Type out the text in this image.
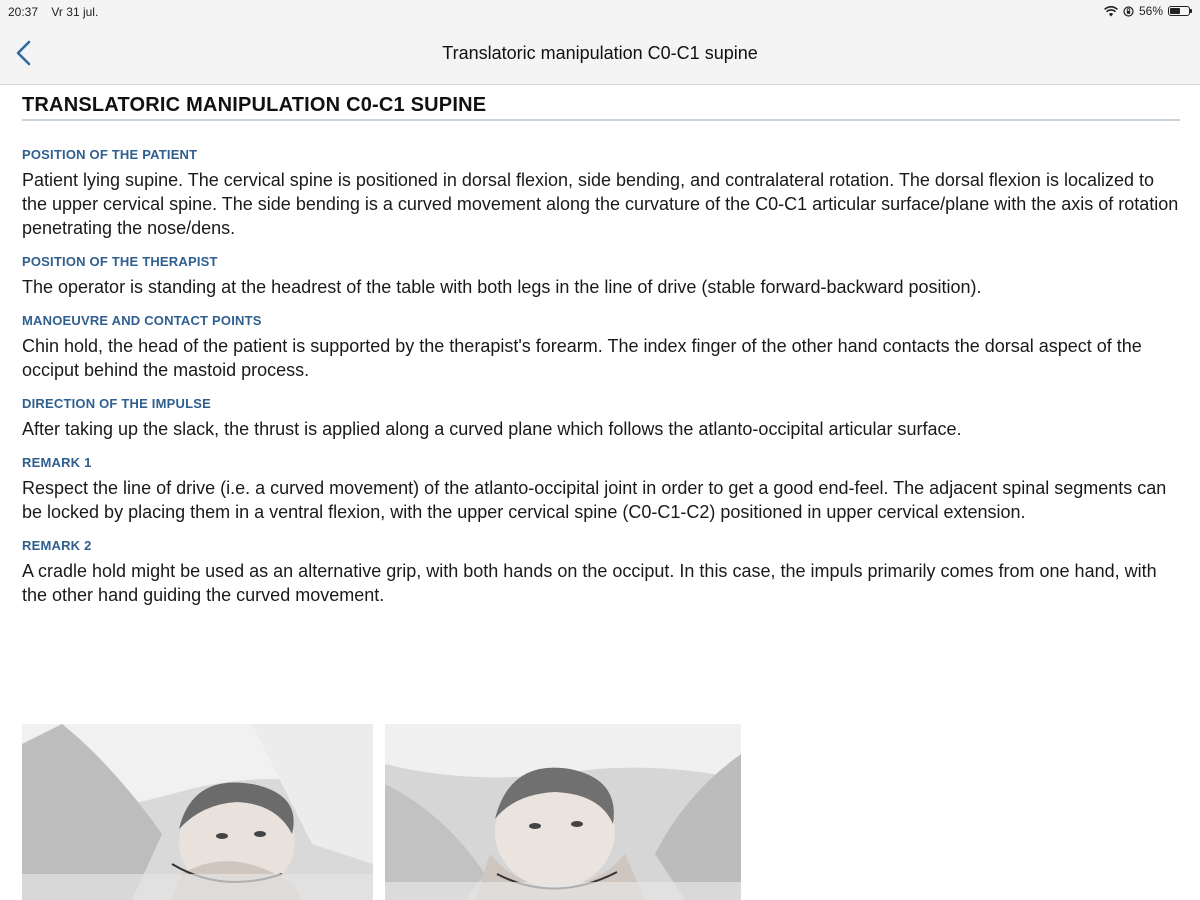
20:37 Vr 31 jul.	56%
Translatoric manipulation C0-C1 supine
TRANSLATORIC MANIPULATION C0-C1 SUPINE
POSITION OF THE PATIENT

Patient lying supine. The cervical spine is positioned in dorsal flexion, side bending, and contralateral rotation. The dorsal flexion is localized to the upper cervical spine. The side bending is a curved movement along the curvature of the C0-C1 articular surface/plane with the axis of rotation penetrating the nose/dens.

POSITION OF THE THERAPIST

The operator is standing at the headrest of the table with both legs in the line of drive (stable forward-backward position).

MANOEUVRE AND CONTACT POINTS

Chin hold, the head of the patient is supported by the therapist's forearm. The index finger of the other hand contacts the dorsal aspect of the occiput behind the mastoid process.

DIRECTION OF THE IMPULSE

After taking up the slack, the thrust is applied along a curved plane which follows the atlanto-occipital articular surface.

REMARK 1

Respect the line of drive (i.e. a curved movement) of the atlanto-occipital joint in order to get a good end-feel. The adjacent spinal segments can be locked by placing them in a ventral flexion, with the upper cervical spine (C0-C1-C2) positioned in upper cervical extension.

REMARK 2

A cradle hold might be used as an alternative grip, with both hands on the occiput. In this case, the impuls primarily comes from one hand, with the other hand guiding the curved movement.
